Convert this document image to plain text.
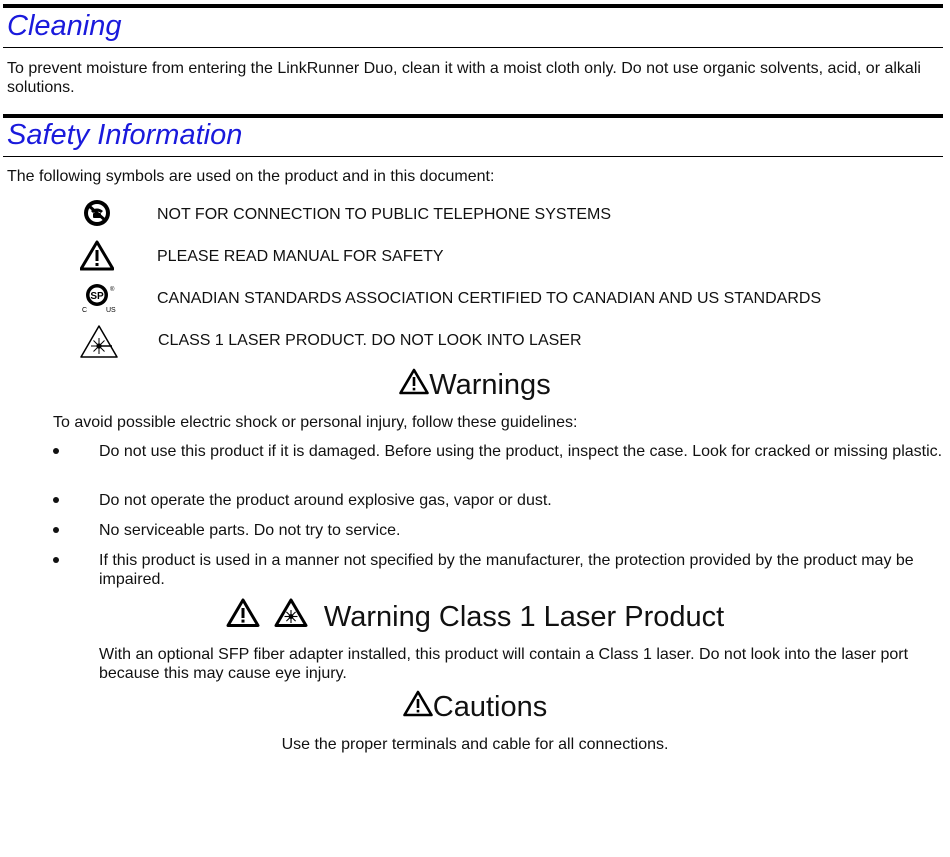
Cleaning

To prevent moisture from entering the LinkRunner Duo, clean it with a moist cloth only. Do not use organic solvents, acid, or alkali solutions.

Safety Information

The following symbols are used on the product and in this document:

NOT FOR CONNECTION TO PUBLIC TELEPHONE SYSTEMS
PLEASE READ MANUAL FOR SAFETY
SP
C	US
®	CANADIAN STANDARDS ASSOCIATION CERTIFIED TO CANADIAN AND US STANDARDS
CLASS 1 LASER PRODUCT. DO NOT LOOK INTO LASER
Warnings

To avoid possible electric shock or personal injury, follow these guidelines:

Do not use this product if it is damaged. Before using the product, inspect the case. Look for cracked or missing plastic.
Do not operate the product around explosive gas, vapor or dust.
No serviceable parts. Do not try to service.
If this product is used in a manner not specified by the manufacturer, the protection provided by the product may be impaired.
Warning Class 1 Laser Product

With an optional SFP fiber adapter installed, this product will contain a Class 1 laser. Do not look into the laser port because this may cause eye injury.

Cautions

Use the proper terminals and cable for all connections.
